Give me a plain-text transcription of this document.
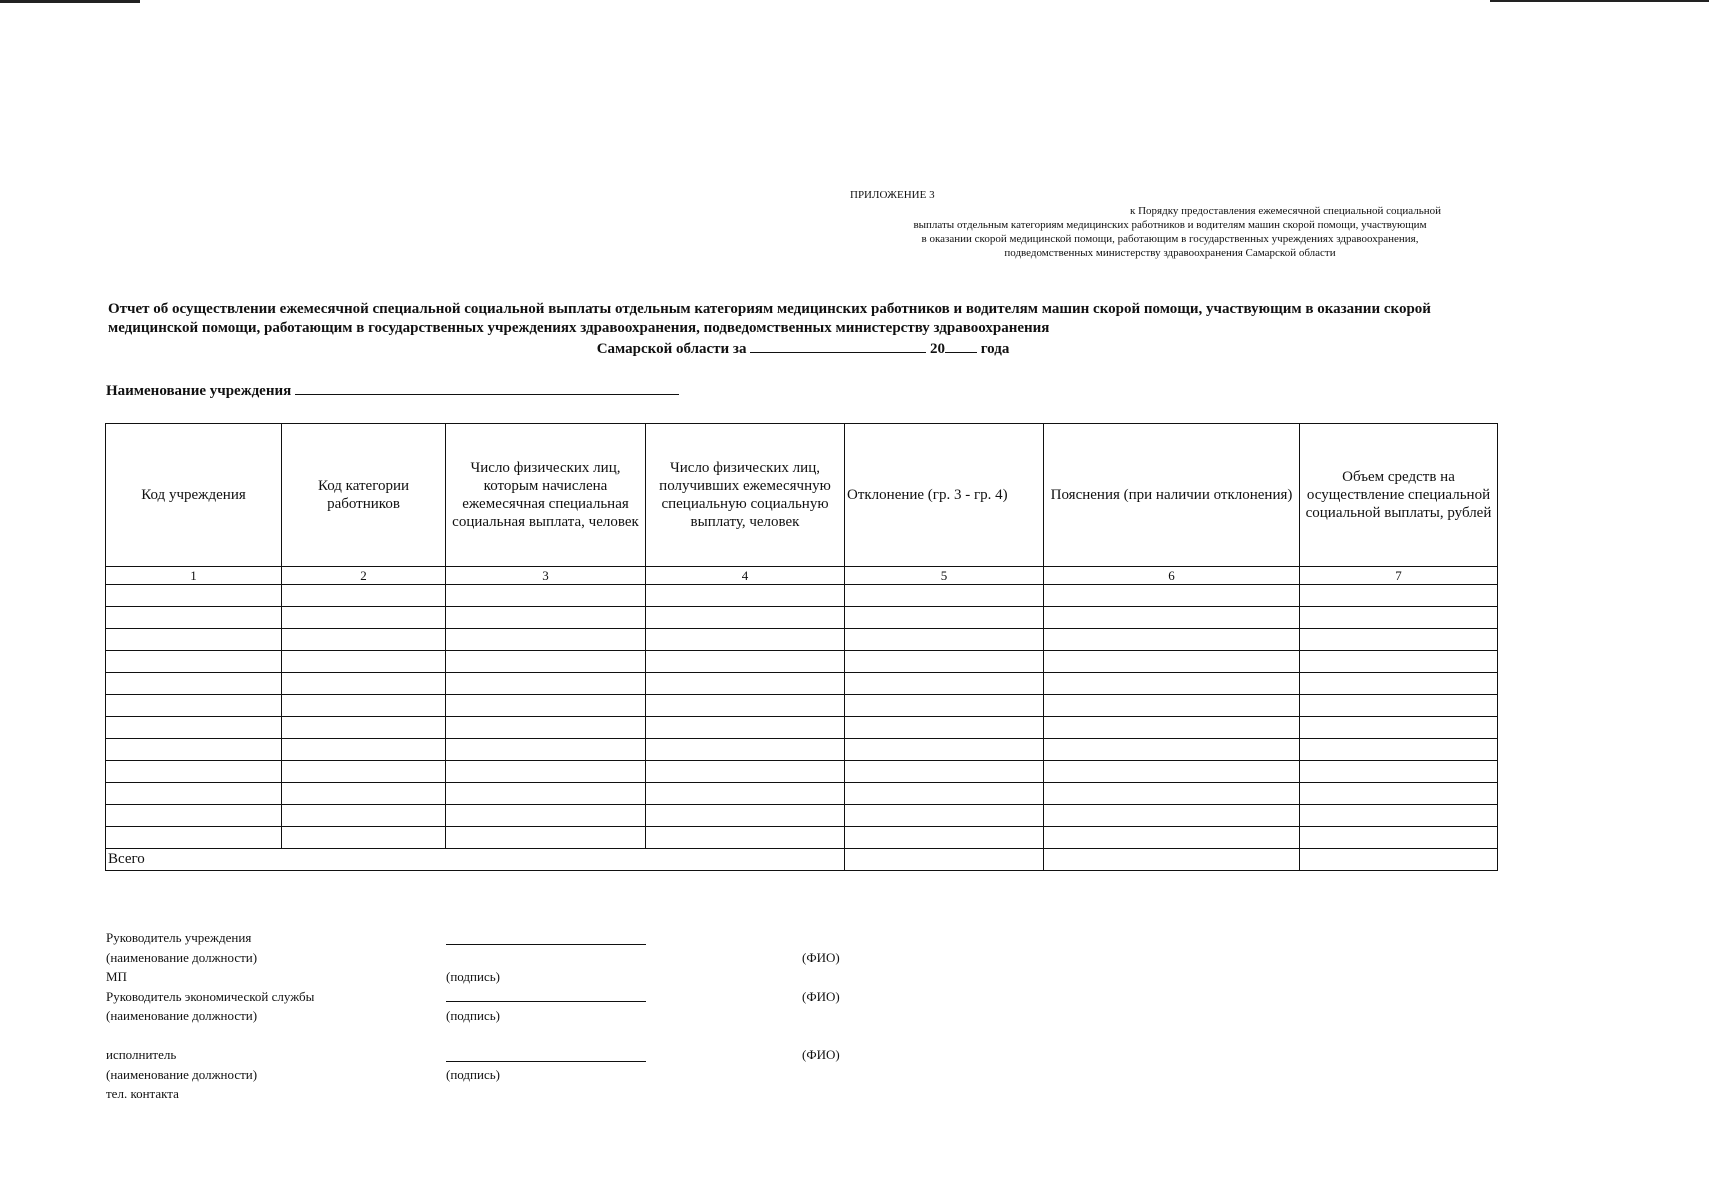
ПРИЛОЖЕНИЕ 3
к Порядку предоставления ежемесячной специальной социальной
выплаты отдельным категориям медицинских работников и водителям машин скорой помощи, участвующим
в оказании скорой медицинской помощи, работающим в государственных учреждениях здравоохранения,
подведомственных министерству здравоохранения Самарской области
Отчет об осуществлении ежемесячной специальной социальной выплаты отдельным категориям медицинских работников и водителям машин скорой помощи, участвующим в оказании скорой медицинской помощи, работающим в государственных учреждениях здравоохранения, подведомственных министерству здравоохранения
Самарской области за	20 года
Наименование учреждения
Код учреждения	Код категории работников	Число физических лиц, которым начислена ежемесячная специальная социальная выплата, человек	Число физических лиц, получивших ежемесячную специальную социальную выплату, человек	Отклонение (гр. 3 - гр. 4)	Пояснения (при наличии отклонения)	Объем средств на осуществление специальной социальной выплаты, рублей
1	2	3	4	5	6	7

Всего						
Руководитель учреждения
(наименование должности)	(ФИО)
МП	(подпись)
Руководитель экономической службы	(ФИО)
(наименование должности)	(подпись)
исполнитель	(ФИО)
(наименование должности)	(подпись)
тел. контакта
